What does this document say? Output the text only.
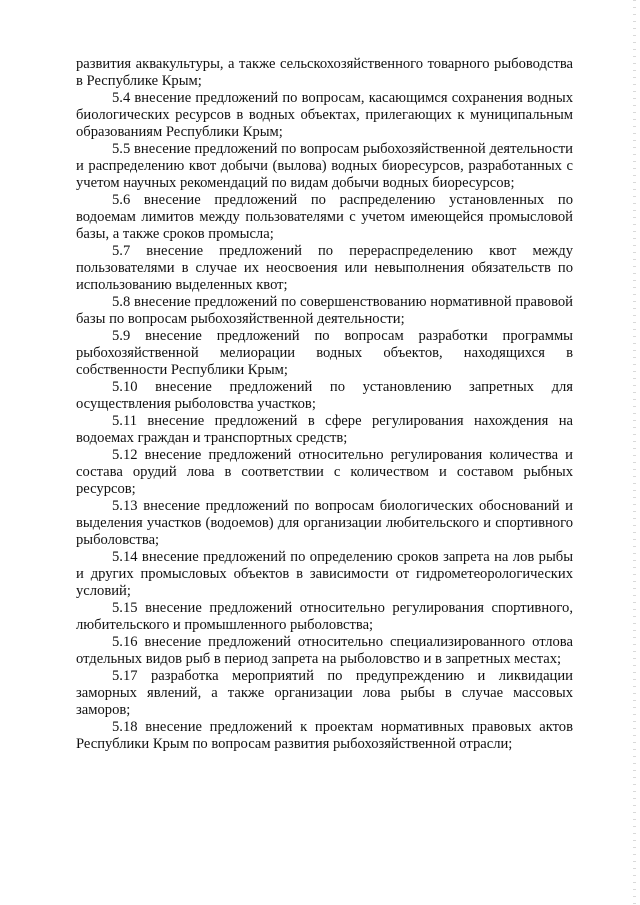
развития аквакультуры, а также сельскохозяйственного товарного рыбоводства в Республике Крым;

5.4 внесение предложений по вопросам, касающимся сохранения водных биологических ресурсов в водных объектах, прилегающих к муниципальным образованиям Республики Крым;

5.5 внесение предложений по вопросам рыбохозяйственной деятельности и распределению квот добычи (вылова) водных биоресурсов, разработанных с учетом научных рекомендаций по видам добычи водных биоресурсов;

5.6 внесение предложений по распределению установленных по водоемам лимитов между пользователями с учетом имеющейся промысловой базы, а также сроков промысла;

5.7 внесение предложений по перераспределению квот между пользователями в случае их неосвоения или невыполнения обязательств по использованию выделенных квот;

5.8 внесение предложений по совершенствованию нормативной правовой базы по вопросам рыбохозяйственной деятельности;

5.9 внесение предложений по вопросам разработки программы рыбохозяйственной мелиорации водных объектов, находящихся в собственности Республики Крым;

5.10 внесение предложений по установлению запретных для осуществления рыболовства участков;

5.11 внесение предложений в сфере регулирования нахождения на водоемах граждан и транспортных средств;

5.12 внесение предложений относительно регулирования количества и состава орудий лова в соответствии с количеством и составом рыбных ресурсов;

5.13 внесение предложений по вопросам биологических обоснований и выделения участков (водоемов) для организации любительского и спортивного рыболовства;

5.14 внесение предложений по определению сроков запрета на лов рыбы и других промысловых объектов в зависимости от гидрометеорологических условий;

5.15 внесение предложений относительно регулирования спортивного, любительского и промышленного рыболовства;

5.16 внесение предложений относительно специализированного отлова отдельных видов рыб в период запрета на рыболовство и в запретных местах;

5.17 разработка мероприятий по предупреждению и ликвидации заморных явлений, а также организации лова рыбы в случае массовых заморов;

5.18 внесение предложений к проектам нормативных правовых актов Республики Крым по вопросам развития рыбохозяйственной отрасли;
